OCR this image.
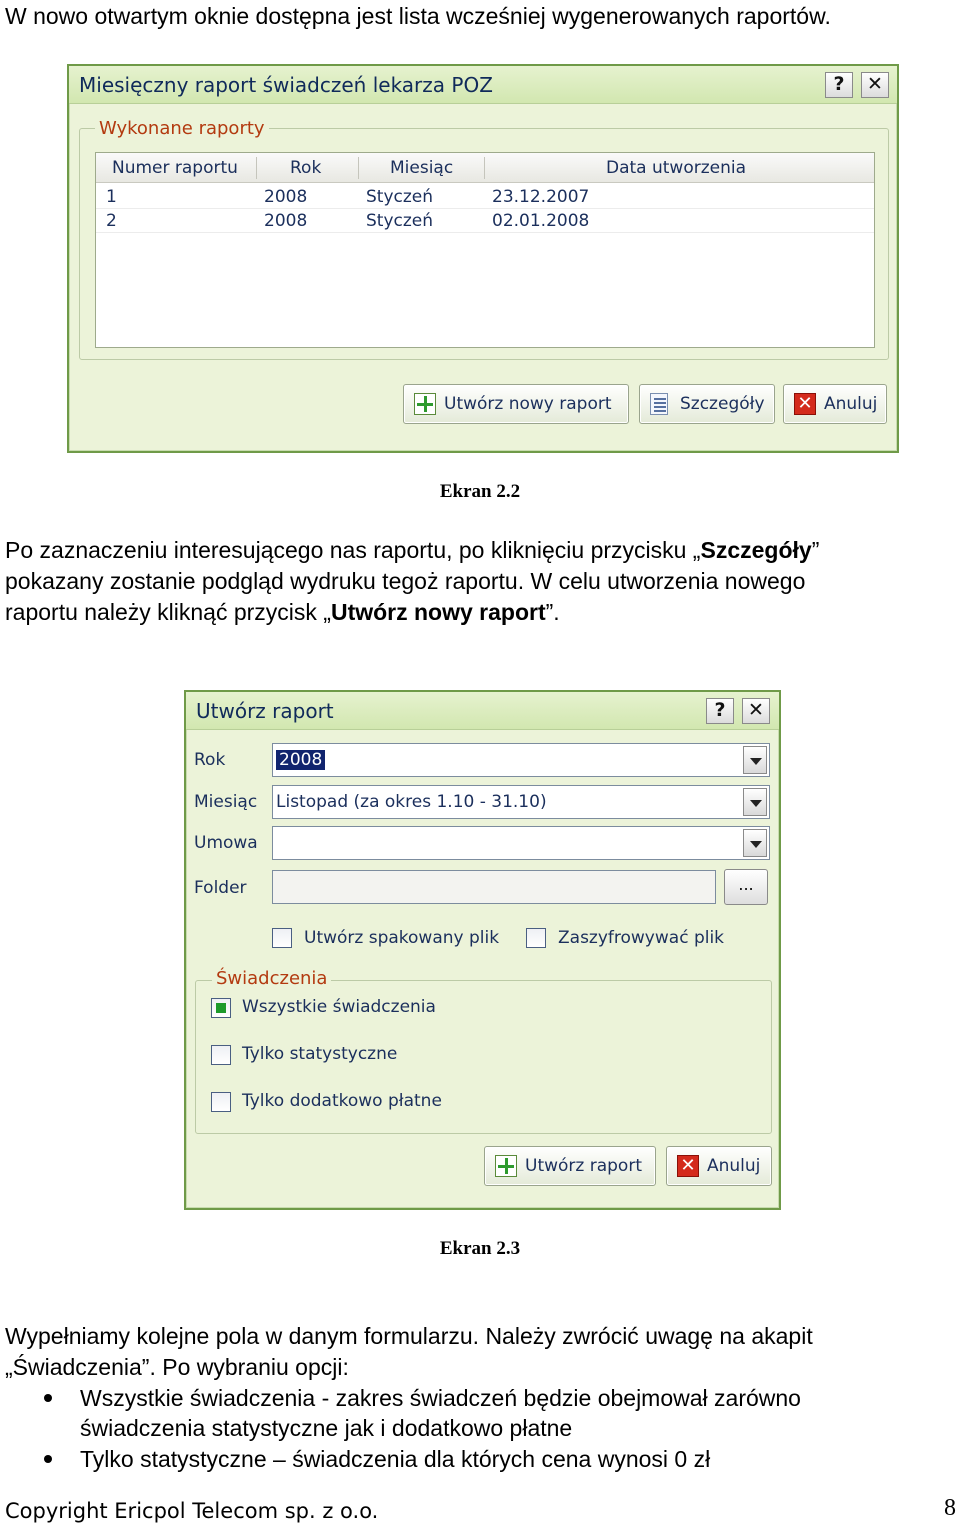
W nowo otwartym oknie dostępna jest lista wcześniej wygenerowanych raportów.
Miesięczny raport świadczeń lekarza POZ	?	✕
Wykonane raporty
Numer raportu	Rok	Miesiąc	Data utworzenia
1	2008	Styczeń	23.12.2007
2	2008	Styczeń	02.01.2008
Utwórz nowy raport	Szczegóły ✕ Anuluj
Ekran 2.2
Po zaznaczeniu interesującego nas raportu, po kliknięciu przycisku „Szczegóły”
pokazany zostanie podgląd wydruku tegoż raportu. W celu utworzenia nowego
raportu należy kliknąć przycisk „Utwórz nowy raport”.
Utwórz raport	?	✕
Rok	2008
Miesiąc Listopad (za okres 1.10 - 31.10)
Umowa
Folder	...
Utwórz spakowany plik	Zaszyfrowywać plik
Świadczenia
Wszystkie świadczenia
Tylko statystyczne
Tylko dodatkowo płatne
Utwórz raport ✕ Anuluj
Ekran 2.3
Wypełniamy kolejne pola w danym formularzu. Należy zwrócić uwagę na akapit
„Świadczenia”. Po wybraniu opcji:
Wszystkie świadczenia - zakres świadczeń będzie obejmował zarówno
świadczenia statystyczne jak i dodatkowo płatne
Tylko statystyczne – świadczenia dla których cena wynosi 0 zł
Copyright Ericpol Telecom sp. z o.o.	8
